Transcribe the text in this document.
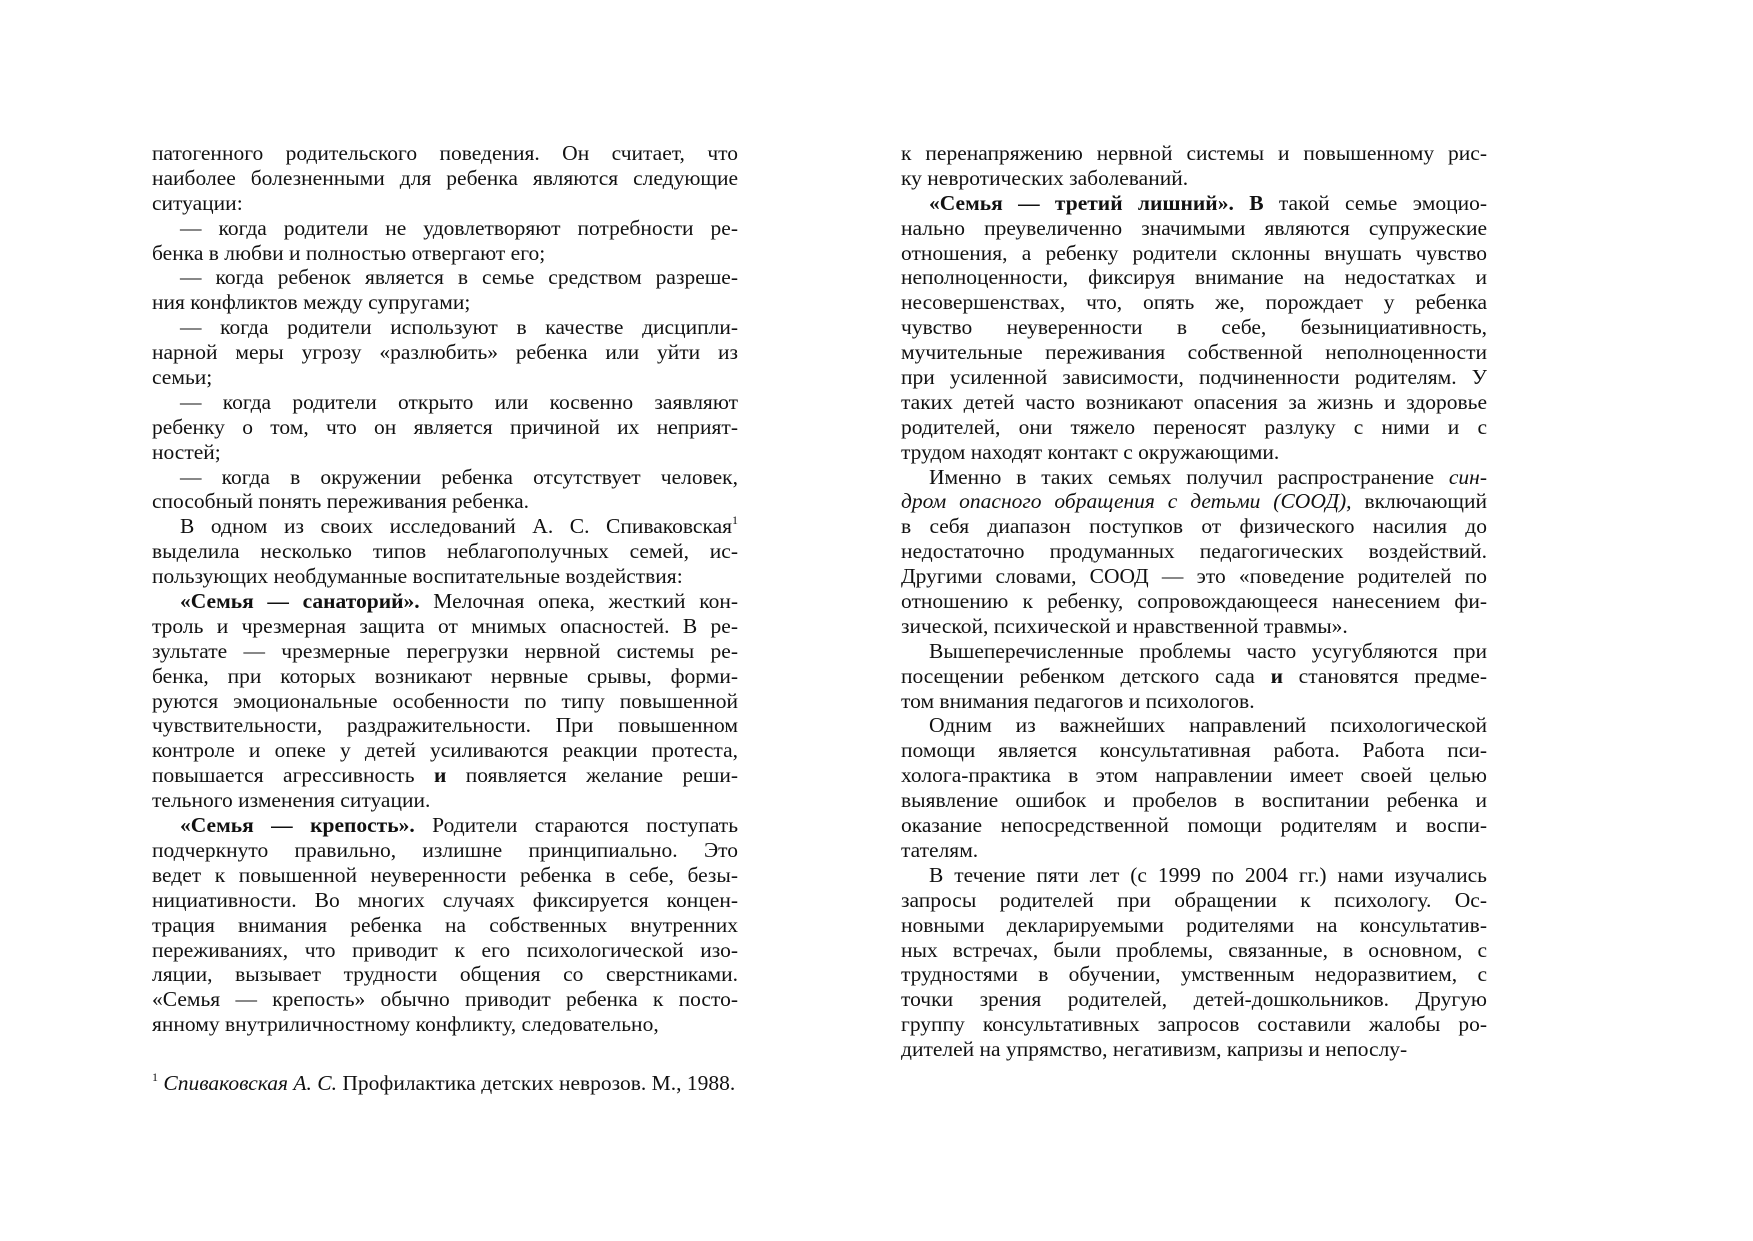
патогенного родительского поведения. Он считает, что
наиболее болезненными для ребенка являются следующие
ситуации:
— когда родители не удовлетворяют потребности ре-
бенка в любви и полностью отвергают его;
— когда ребенок является в семье средством разреше-
ния конфликтов между супругами;
— когда родители используют в качестве дисципли-
нарной меры угрозу «разлюбить» ребенка или уйти из
семьи;
— когда родители открыто или косвенно заявляют
ребенку о том, что он является причиной их неприят-
ностей;
— когда в окружении ребенка отсутствует человек,
способный понять переживания ребенка.
В одном из своих исследований А. С. Спиваковская$^1$
выделила несколько типов неблагополучных семей, ис-
пользующих необдуманные воспитательные воздействия:
«Семья — санаторий». Мелочная опека, жесткий кон-
троль и чрезмерная защита от мнимых опасностей. В ре-
зультате — чрезмерные перегрузки нервной системы ре-
бенка, при которых возникают нервные срывы, форми-
руются эмоциональные особенности по типу повышенной
чувствительности, раздражительности. При повышенном
контроле и опеке у детей усиливаются реакции протеста,
повышается агрессивность и появляется желание реши-
тельного изменения ситуации.
«Семья — крепость». Родители стараются поступать
подчеркнуто правильно, излишне принципиально. Это
ведет к повышенной неуверенности ребенка в себе, безы-
нициативности. Во многих случаях фиксируется концен-
трация внимания ребенка на собственных внутренних
переживаниях, что приводит к его психологической изо-
ляции, вызывает трудности общения со сверстниками.
«Семья — крепость» обычно приводит ребенка к посто-
янному внутриличностному конфликту, следовательно,
к перенапряжению нервной системы и повышенному рис-
ку невротических заболеваний.
«Семья — третий лишний». В такой семье эмоцио-
нально преувеличенно значимыми являются супружеские
отношения, а ребенку родители склонны внушать чувство
неполноценности, фиксируя внимание на недостатках и
несовершенствах, что, опять же, порождает у ребенка
чувство неуверенности в себе, безынициативность,
мучительные переживания собственной неполноценности
при усиленной зависимости, подчиненности родителям. У
таких детей часто возникают опасения за жизнь и здоровье
родителей, они тяжело переносят разлуку с ними и с
трудом находят контакт с окружающими.
Именно в таких семьях получил распространение син-
дром опасного обращения с детьми (СООД), включающий
в себя диапазон поступков от физического насилия до
недостаточно продуманных педагогических воздействий.
Другими словами, СООД — это «поведение родителей по
отношению к ребенку, сопровождающееся нанесением фи-
зической, психической и нравственной травмы».
Вышеперечисленные проблемы часто усугубляются при
посещении ребенком детского сада и становятся предме-
том внимания педагогов и психологов.
Одним из важнейших направлений психологической
помощи является консультативная работа. Работа пси-
холога-практика в этом направлении имеет своей целью
выявление ошибок и пробелов в воспитании ребенка и
оказание непосредственной помощи родителям и воспи-
тателям.
В течение пяти лет (с 1999 по 2004 гг.) нами изучались
запросы родителей при обращении к психологу. Ос-
новными декларируемыми родителями на консультатив-
ных встречах, были проблемы, связанные, в основном, с
трудностями в обучении, умственным недоразвитием, с
точки зрения родителей, детей-дошкольников. Другую
группу консультативных запросов составили жалобы ро-
дителей на упрямство, негативизм, капризы и непослу-
$^1$ Спиваковская А. С. Профилактика детских неврозов. М., 1988.
